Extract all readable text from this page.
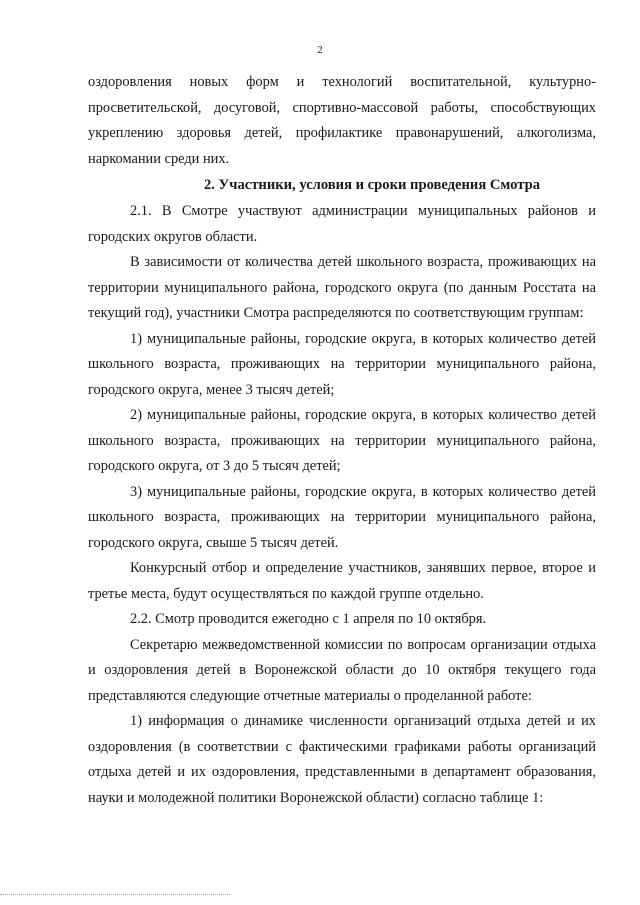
2

оздоровления новых форм и технологий воспитательной, культурно-просветительской, досуговой, спортивно-массовой работы, способствующих укреплению здоровья детей, профилактике правонарушений, алкоголизма, наркомании среди них.

2. Участники, условия и сроки проведения Смотра

2.1. В Смотре участвуют администрации муниципальных районов и городских округов области.

В зависимости от количества детей школьного возраста, проживающих на территории муниципального района, городского округа (по данным Росстата на текущий год), участники Смотра распределяются по соответствующим группам:

1) муниципальные районы, городские округа, в которых количество детей школьного возраста, проживающих на территории муниципального района, городского округа, менее 3 тысяч детей;

2) муниципальные районы, городские округа, в которых количество детей школьного возраста, проживающих на территории муниципального района, городского округа, от 3 до 5 тысяч детей;

3) муниципальные районы, городские округа, в которых количество детей школьного возраста, проживающих на территории муниципального района, городского округа, свыше 5 тысяч детей.

Конкурсный отбор и определение участников, занявших первое, второе и третье места, будут осуществляться по каждой группе отдельно.

2.2. Смотр проводится ежегодно с 1 апреля по 10 октября.

Секретарю межведомственной комиссии по вопросам организации отдыха и оздоровления детей в Воронежской области до 10 октября текущего года представляются следующие отчетные материалы о проделанной работе:

1) информация о динамике численности организаций отдыха детей и их оздоровления (в соответствии с фактическими графиками работы организаций отдыха детей и их оздоровления, представленными в департамент образования, науки и молодежной политики Воронежской области) согласно таблице 1:
